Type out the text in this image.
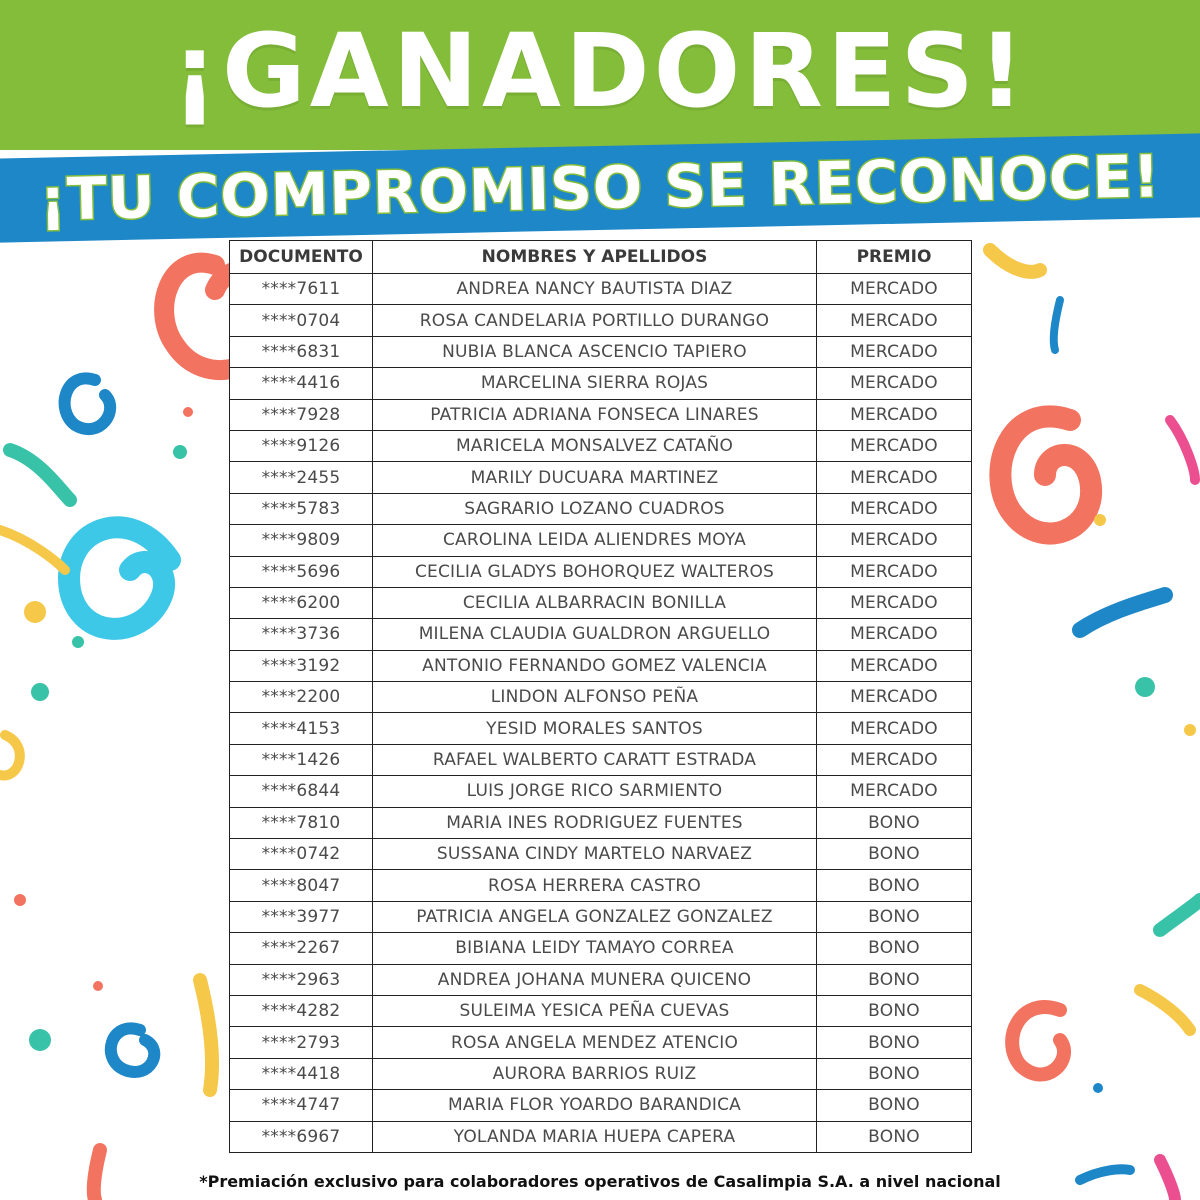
¡GANADORES!
¡TU COMPROMISO SE RECONOCE!
DOCUMENTO	NOMBRES Y APELLIDOS	PREMIO
****7611	ANDREA NANCY BAUTISTA DIAZ	MERCADO
****0704	ROSA CANDELARIA PORTILLO DURANGO	MERCADO
****6831	NUBIA BLANCA ASCENCIO TAPIERO	MERCADO
****4416	MARCELINA SIERRA ROJAS	MERCADO
****7928	PATRICIA ADRIANA FONSECA LINARES	MERCADO
****9126	MARICELA MONSALVEZ CATAÑO	MERCADO
****2455	MARILY DUCUARA MARTINEZ	MERCADO
****5783	SAGRARIO LOZANO CUADROS	MERCADO
****9809	CAROLINA LEIDA ALIENDRES MOYA	MERCADO
****5696	CECILIA GLADYS BOHORQUEZ WALTEROS	MERCADO
****6200	CECILIA ALBARRACIN BONILLA	MERCADO
****3736	MILENA CLAUDIA GUALDRON ARGUELLO	MERCADO
****3192	ANTONIO FERNANDO GOMEZ VALENCIA	MERCADO
****2200	LINDON ALFONSO PEÑA	MERCADO
****4153	YESID MORALES SANTOS	MERCADO
****1426	RAFAEL WALBERTO CARATT ESTRADA	MERCADO
****6844	LUIS JORGE RICO SARMIENTO	MERCADO
****7810	MARIA INES RODRIGUEZ FUENTES	BONO
****0742	SUSSANA CINDY MARTELO NARVAEZ	BONO
****8047	ROSA HERRERA CASTRO	BONO
****3977	PATRICIA ANGELA GONZALEZ GONZALEZ	BONO
****2267	BIBIANA LEIDY TAMAYO CORREA	BONO
****2963	ANDREA JOHANA MUNERA QUICENO	BONO
****4282	SULEIMA YESICA PEÑA CUEVAS	BONO
****2793	ROSA ANGELA MENDEZ ATENCIO	BONO
****4418	AURORA BARRIOS RUIZ	BONO
****4747	MARIA FLOR YOARDO BARANDICA	BONO
****6967	YOLANDA MARIA HUEPA CAPERA	BONO
*Premiación exclusivo para colaboradores operativos de Casalimpia S.A. a nivel nacional
